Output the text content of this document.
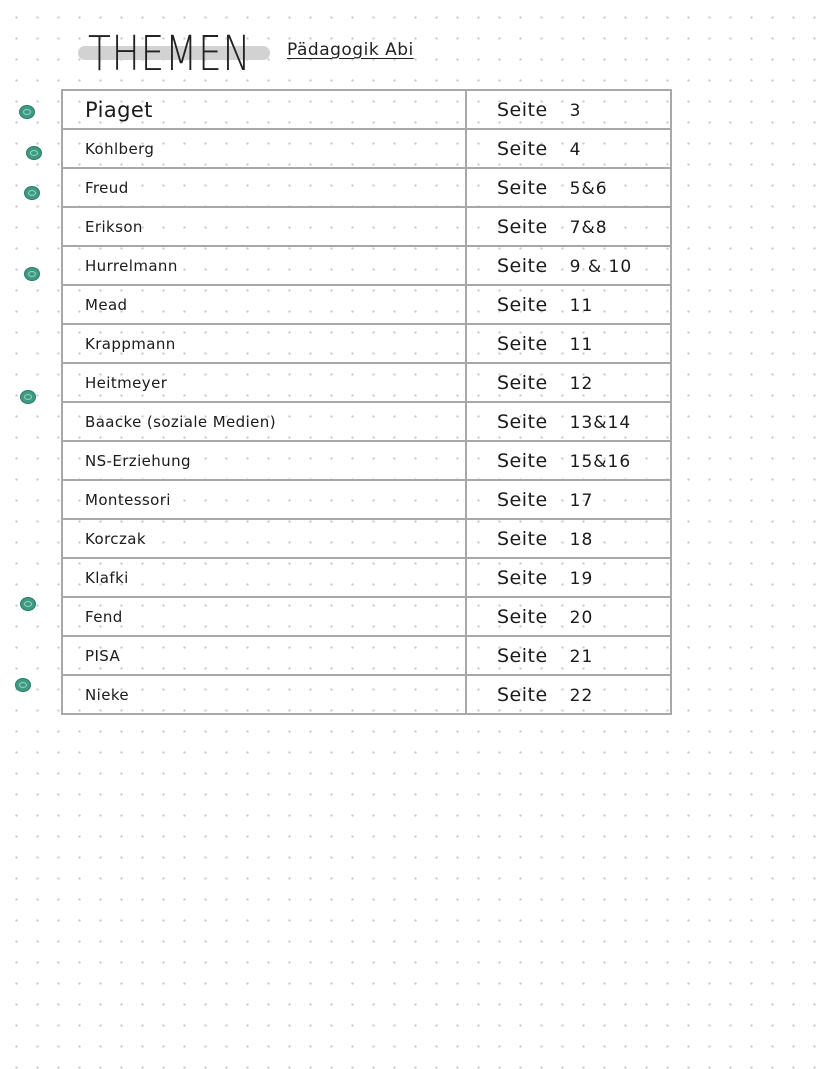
THEMEN Pädagogik Abi
Piaget	Seite 3
Kohlberg	Seite 4
Freud	Seite 5&6
Erikson	Seite 7&8
Hurrelmann	Seite 9 & 10
Mead	Seite 11
Krappmann	Seite 11
Heitmeyer	Seite 12
Baacke (soziale Medien)	Seite 13&14
NS-Erziehung	Seite 15&16
Montessori	Seite 17
Korczak	Seite 18
Klafki	Seite 19
Fend	Seite 20
PISA	Seite 21
Nieke	Seite 22
